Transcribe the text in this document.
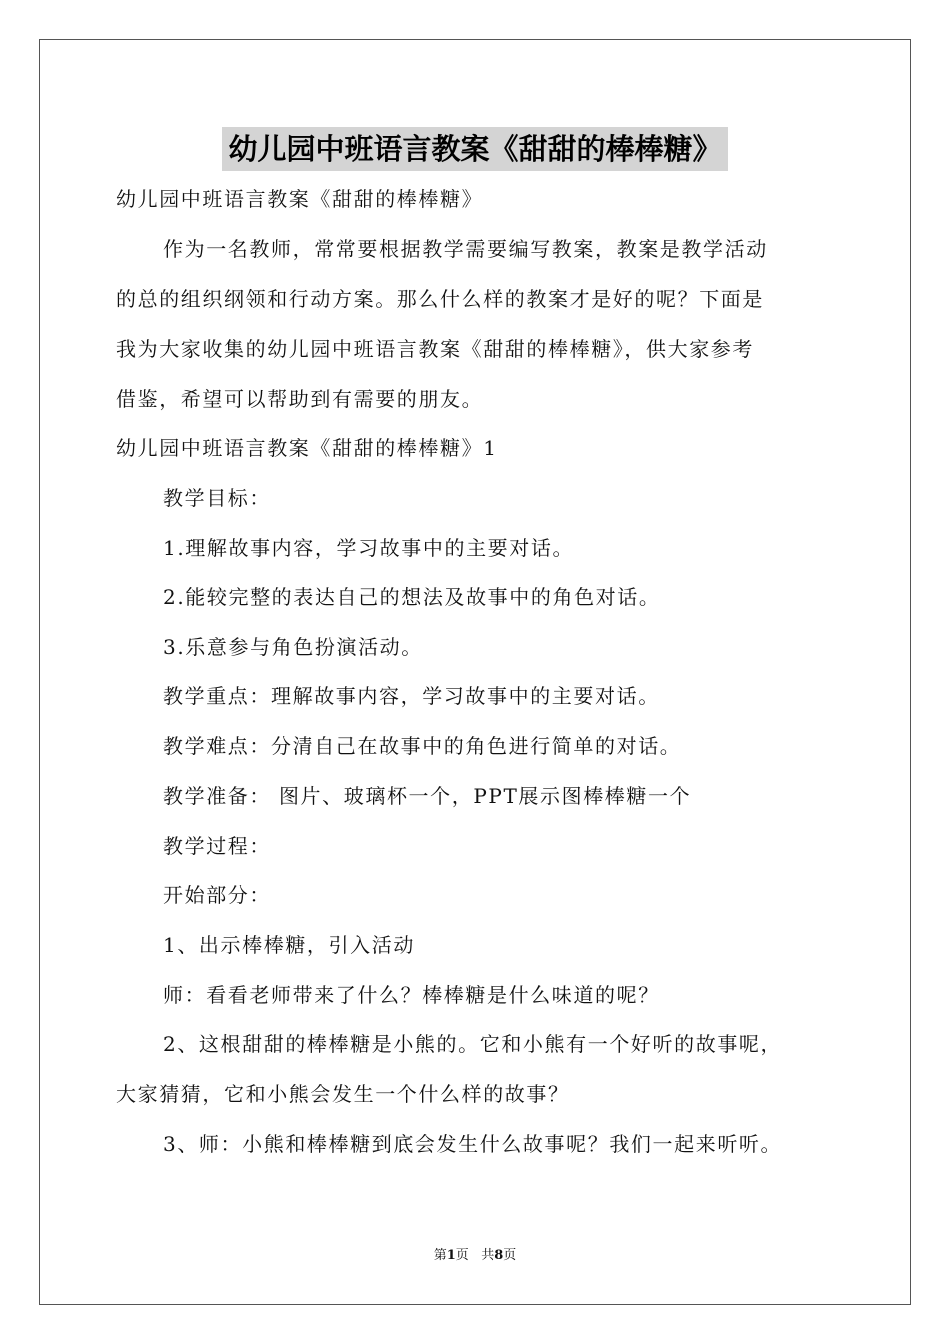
幼儿园中班语言教案《甜甜的棒棒糖》
幼儿园中班语言教案《甜甜的棒棒糖》
作为一名教师，常常要根据教学需要编写教案，教案是教学活动
的总的组织纲领和行动方案。那么什么样的教案才是好的呢？下面是
我为大家收集的幼儿园中班语言教案《甜甜的棒棒糖》，供大家参考
借鉴，希望可以帮助到有需要的朋友。
幼儿园中班语言教案《甜甜的棒棒糖》1
教学目标：
1.理解故事内容，学习故事中的主要对话。
2.能较完整的表达自己的想法及故事中的角色对话。
3.乐意参与角色扮演活动。
教学重点：理解故事内容，学习故事中的主要对话。
教学难点：分清自己在故事中的角色进行简单的对话。
教学准备： 图片、玻璃杯一个，PPT展示图棒棒糖一个
教学过程：
开始部分：
1、出示棒棒糖，引入活动
师：看看老师带来了什么？棒棒糖是什么味道的呢？
2、这根甜甜的棒棒糖是小熊的。它和小熊有一个好听的故事呢，
大家猜猜，它和小熊会发生一个什么样的故事？
3、师：小熊和棒棒糖到底会发生什么故事呢？我们一起来听听。
第1页 共8页
